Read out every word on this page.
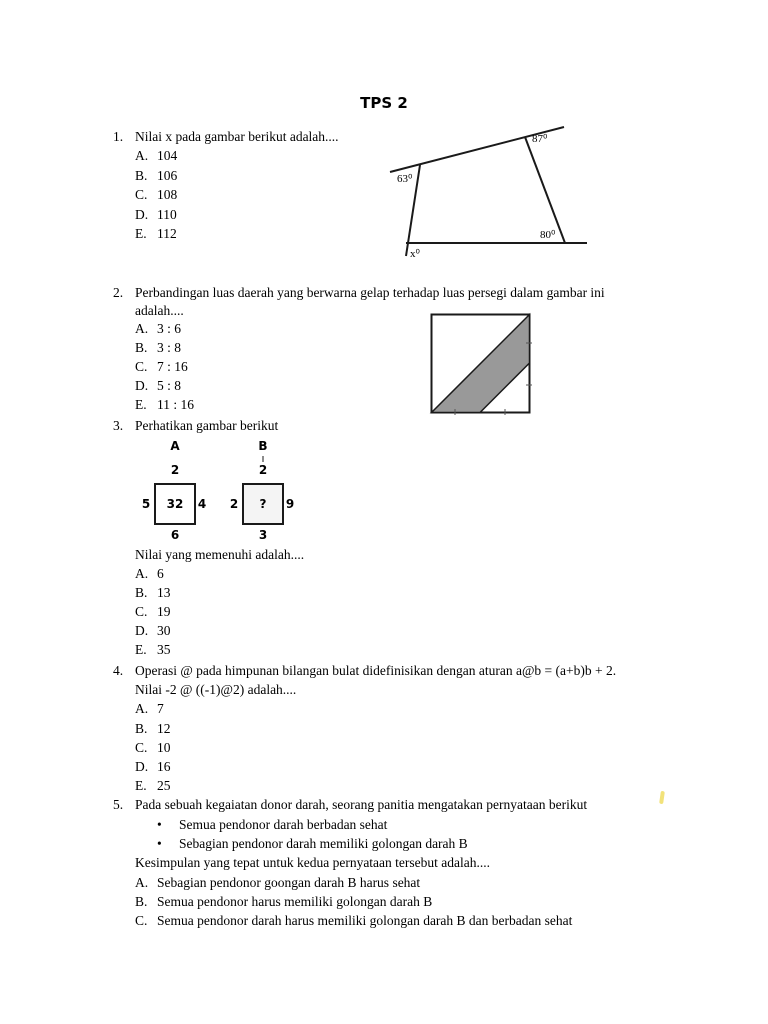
TPS 2
1. Nilai x pada gambar berikut adalah....
A. 104
B. 106
C. 108
D. 110
E. 112
87⁰
63⁰
80⁰
x⁰
2. Perbandingan luas daerah yang berwarna gelap terhadap luas persegi dalam gambar ini
adalah....
A. 3 : 6
B. 3 : 8
C. 7 : 16
D. 5 : 8
E. 11 : 16
3. Perhatikan gambar berikut
Nilai yang memenuhi adalah....
A. 6
B. 13
C. 19
D. 30
E. 35
A
2
5 32 4
6
B
2
2 ? 9
3
4. Operasi @ pada himpunan bilangan bulat didefinisikan dengan aturan a@b = (a+b)b + 2.
Nilai -2 @ ((-1)@2) adalah....
A. 7
B. 12
C. 10
D. 16
E. 25
5. Pada sebuah kegaiatan donor darah, seorang panitia mengatakan pernyataan berikut
• Semua pendonor darah berbadan sehat
• Sebagian pendonor darah memiliki golongan darah B
Kesimpulan yang tepat untuk kedua pernyataan tersebut adalah....
A. Sebagian pendonor goongan darah B harus sehat
B. Semua pendonor harus memiliki golongan darah B
C. Semua pendonor darah harus memiliki golongan darah B dan berbadan sehat
